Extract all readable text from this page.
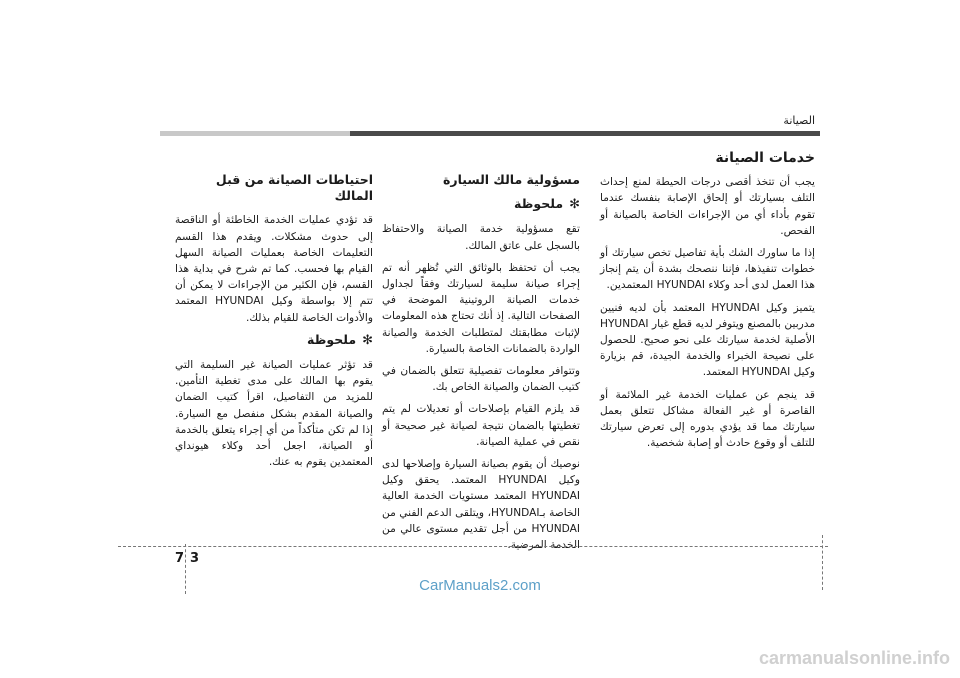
الصيانة
خدمات الصيانة

يجب أن تتخذ أقصى درجات الحيطة لمنع إحداث التلف بسيارتك أو إلحاق الإصابة بنفسك عندما تقوم بأداء أي من الإجراءات الخاصة بالصيانة أو الفحص.

إذا ما ساورك الشك بأية تفاصيل تخص سيارتك أو خطوات تنفيذها، فإننا ننصحك بشدة أن يتم إنجاز هذا العمل لدى أحد وكلاء HYUNDAI المعتمدين.

يتميز وكيل HYUNDAI المعتمد بأن لديه فنيين مدربين بالمصنع ويتوفر لديه قطع غيار HYUNDAI الأصلية لخدمة سيارتك على نحو صحيح. للحصول على نصيحة الخبراء والخدمة الجيدة، قم بزيارة وكيل HYUNDAI المعتمد.

قد ينجم عن عمليات الخدمة غير الملائمة أو القاصرة أو غير الفعالة مشاكل تتعلق بعمل سيارتك مما قد يؤدي بدوره إلى تعرض سيارتك للتلف أو وقوع حادث أو إصابة شخصية.

مسؤولية مالك السيارة
✻ملحوظة

تقع مسؤولية خدمة الصيانة والاحتفاظ بالسجل على عاتق المالك.

يجب أن تحتفظ بالوثائق التي تُظهر أنه تم إجراء صيانة سليمة لسيارتك وفقاً لجداول خدمات الصيانة الروتينية الموضحة في الصفحات التالية. إذ أنك تحتاج هذه المعلومات لإثبات مطابقتك لمتطلبات الخدمة والصيانة الواردة بالضمانات الخاصة بالسيارة.

وتتوافر معلومات تفصيلية تتعلق بالضمان في كتيب الضمان والصيانة الخاص بك.

قد يلزم القيام بإصلاحات أو تعديلات لم يتم تغطيتها بالضمان نتيجة لصيانة غير صحيحة أو نقص في عملية الصيانة.

نوصيك أن يقوم بصيانة السيارة وإصلاحها لدى وكيل HYUNDAI المعتمد. يحقق وكيل HYUNDAI المعتمد مستويات الخدمة العالية الخاصة بـHYUNDAI، ويتلقى الدعم الفني من HYUNDAI من أجل تقديم مستوى عالي من الخدمة المرضية.

احتياطات الصيانة من قبل المالك

قد تؤدي عمليات الخدمة الخاطئة أو الناقصة إلى حدوث مشكلات. ويقدم هذا القسم التعليمات الخاصة بعمليات الصيانة السهل القيام بها فحسب. كما تم شرح في بداية هذا القسم، فإن الكثير من الإجراءات لا يمكن أن تتم إلا بواسطة وكيل HYUNDAI المعتمد والأدوات الخاصة للقيام بذلك.

✻ملحوظة

قد تؤثر عمليات الصيانة غير السليمة التي يقوم بها المالك على مدى تغطية التأمين. للمزيد من التفاصيل، اقرأ كتيب الضمان والصيانة المقدم بشكل منفصل مع السيارة. إذا لم تكن متأكداً من أي إجراء يتعلق بالخدمة أو الصيانة، اجعل أحد وكلاء هيونداي المعتمدين يقوم به عنك.

7 3
CarManuals2.com
carmanualsonline.info
